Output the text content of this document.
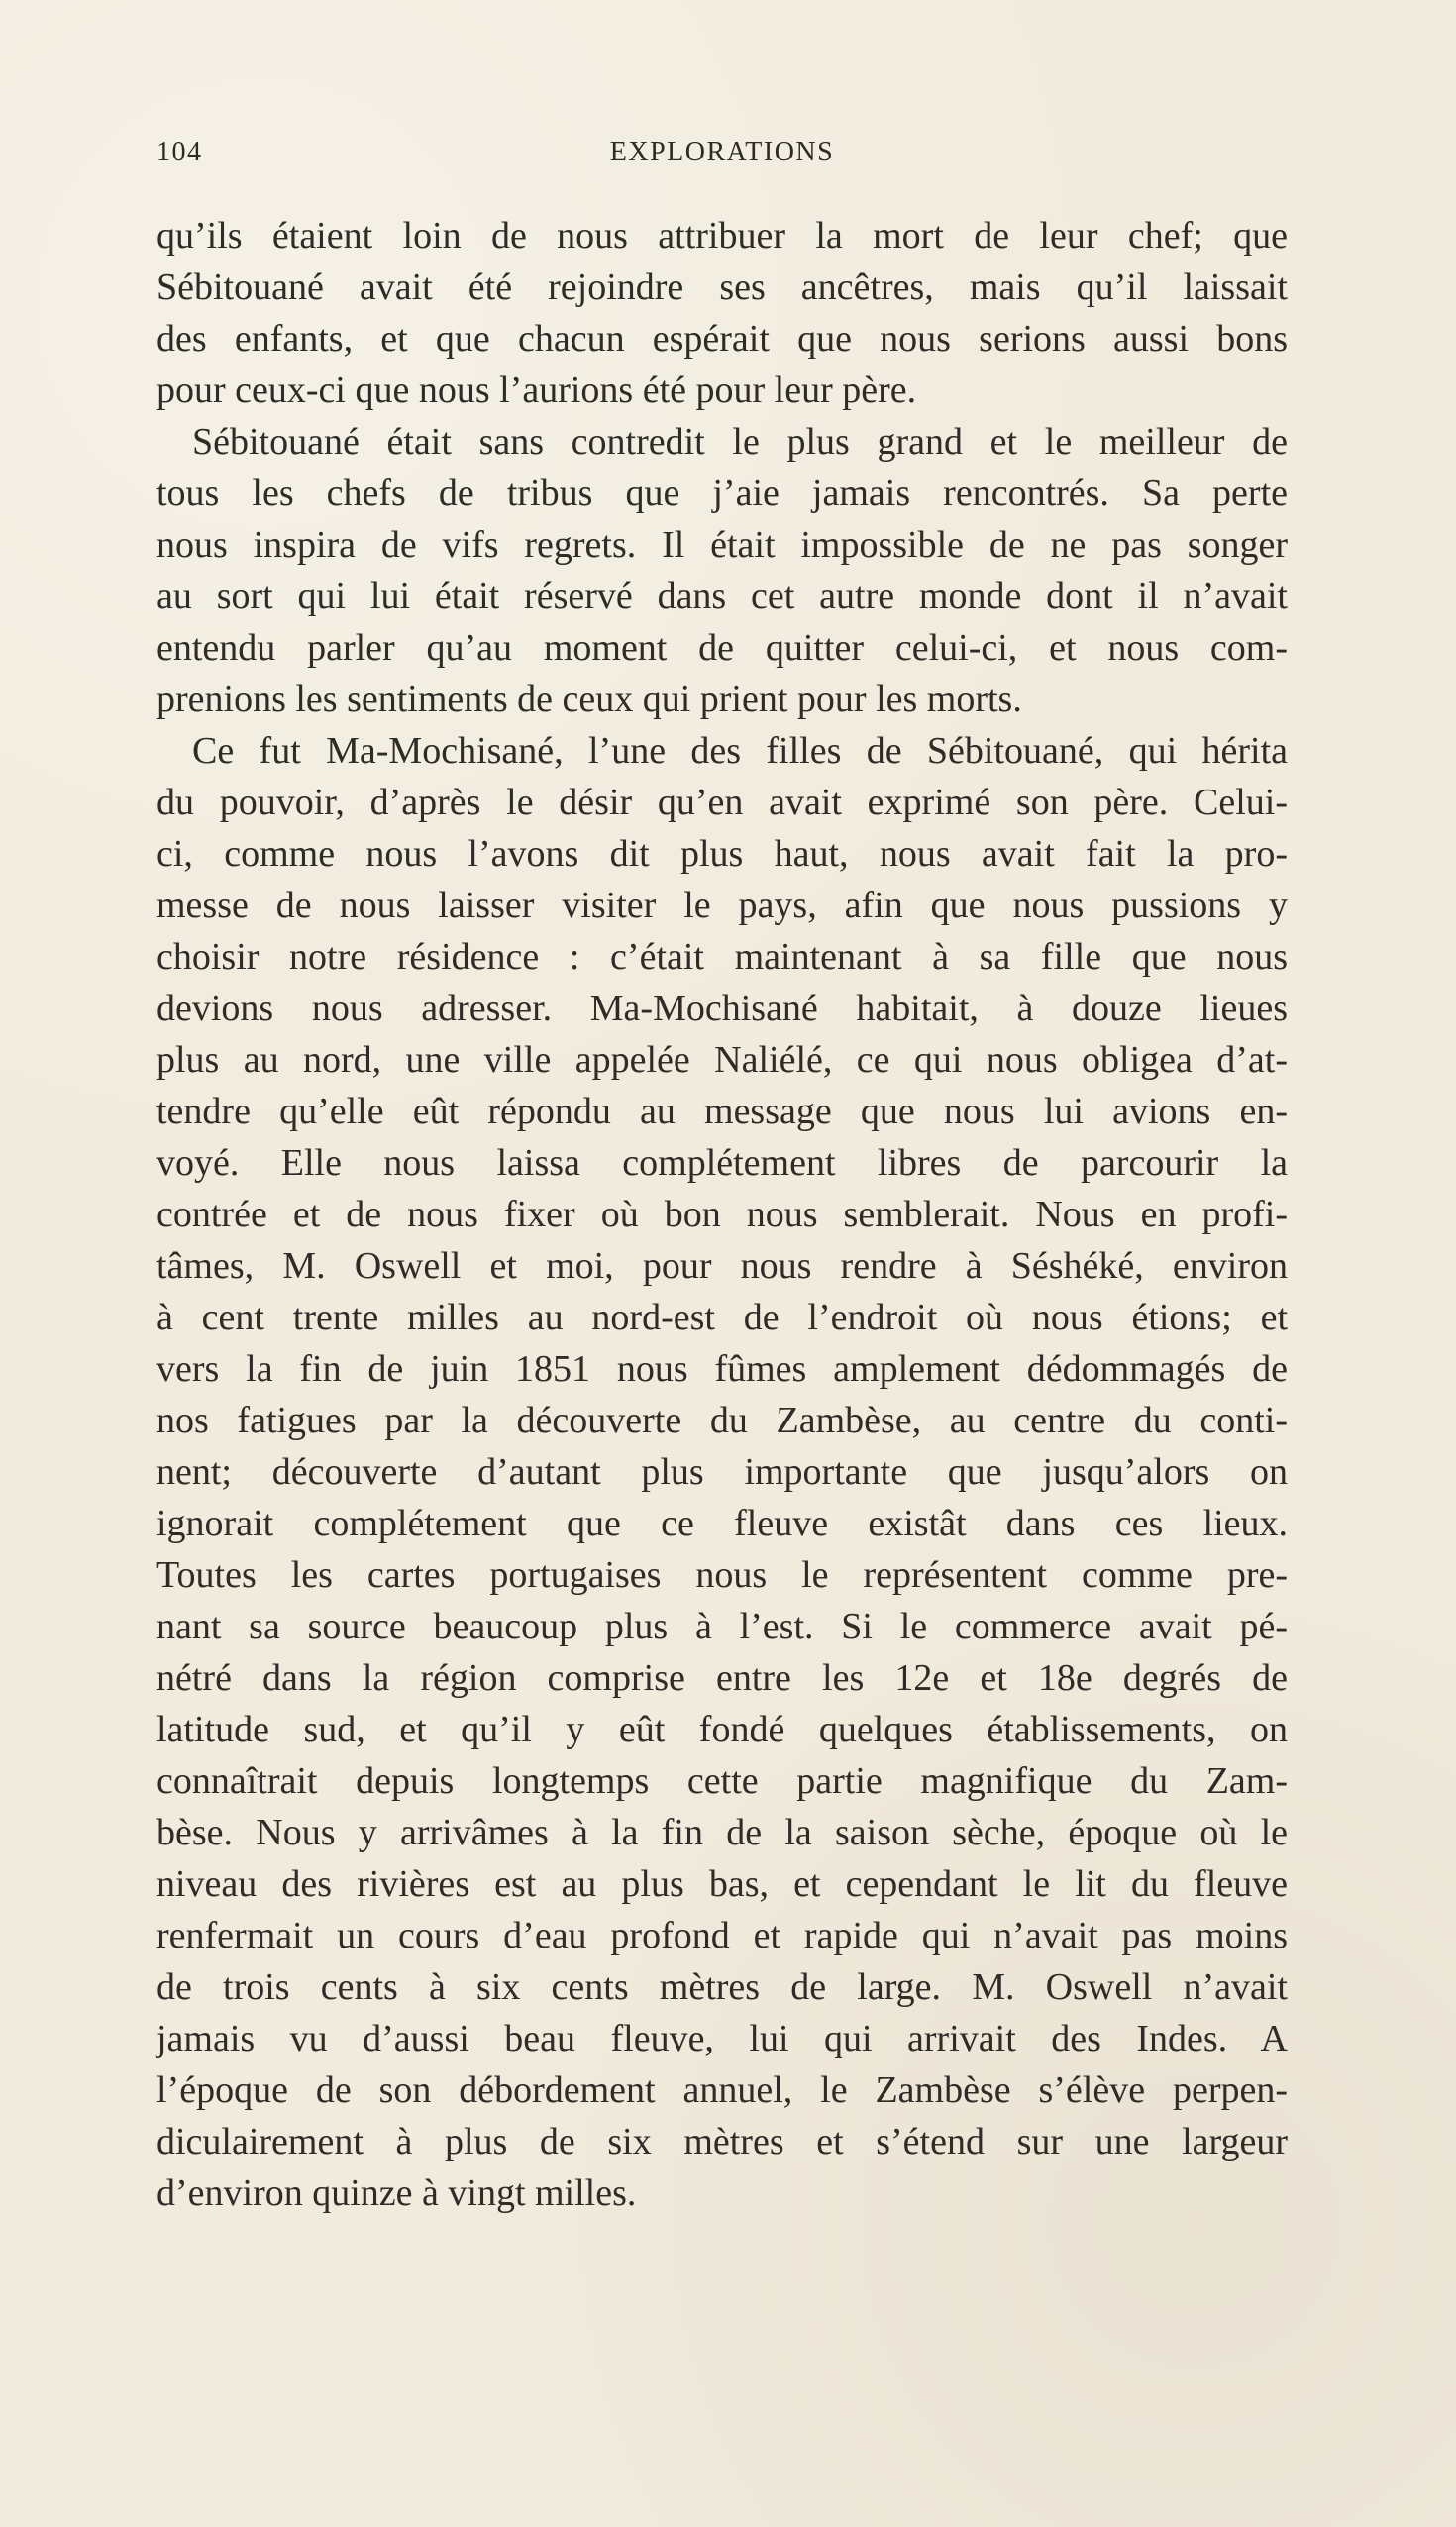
104	EXPLORATIONS
qu’ils étaient loin de nous attribuer la mort de leur chef; que
Sébitouané avait été rejoindre ses ancêtres, mais qu’il laissait
des enfants, et que chacun espérait que nous serions aussi bons
pour ceux-ci que nous l’aurions été pour leur père.
Sébitouané était sans contredit le plus grand et le meilleur de
tous les chefs de tribus que j’aie jamais rencontrés. Sa perte
nous inspira de vifs regrets. Il était impossible de ne pas songer
au sort qui lui était réservé dans cet autre monde dont il n’avait
entendu parler qu’au moment de quitter celui-ci, et nous com-
prenions les sentiments de ceux qui prient pour les morts.
Ce fut Ma-Mochisané, l’une des filles de Sébitouané, qui hérita
du pouvoir, d’après le désir qu’en avait exprimé son père. Celui-
ci, comme nous l’avons dit plus haut, nous avait fait la pro-
messe de nous laisser visiter le pays, afin que nous pussions y
choisir notre résidence : c’était maintenant à sa fille que nous
devions nous adresser. Ma-Mochisané habitait, à douze lieues
plus au nord, une ville appelée Naliélé, ce qui nous obligea d’at-
tendre qu’elle eût répondu au message que nous lui avions en-
voyé. Elle nous laissa complétement libres de parcourir la
contrée et de nous fixer où bon nous semblerait. Nous en profi-
tâmes, M. Oswell et moi, pour nous rendre à Séshéké, environ
à cent trente milles au nord-est de l’endroit où nous étions; et
vers la fin de juin 1851 nous fûmes amplement dédommagés de
nos fatigues par la découverte du Zambèse, au centre du conti-
nent; découverte d’autant plus importante que jusqu’alors on
ignorait complétement que ce fleuve existât dans ces lieux.
Toutes les cartes portugaises nous le représentent comme pre-
nant sa source beaucoup plus à l’est. Si le commerce avait pé-
nétré dans la région comprise entre les 12e et 18e degrés de
latitude sud, et qu’il y eût fondé quelques établissements, on
connaîtrait depuis longtemps cette partie magnifique du Zam-
bèse. Nous y arrivâmes à la fin de la saison sèche, époque où le
niveau des rivières est au plus bas, et cependant le lit du fleuve
renfermait un cours d’eau profond et rapide qui n’avait pas moins
de trois cents à six cents mètres de large. M. Oswell n’avait
jamais vu d’aussi beau fleuve, lui qui arrivait des Indes. A
l’époque de son débordement annuel, le Zambèse s’élève perpen-
diculairement à plus de six mètres et s’étend sur une largeur
d’environ quinze à vingt milles.
